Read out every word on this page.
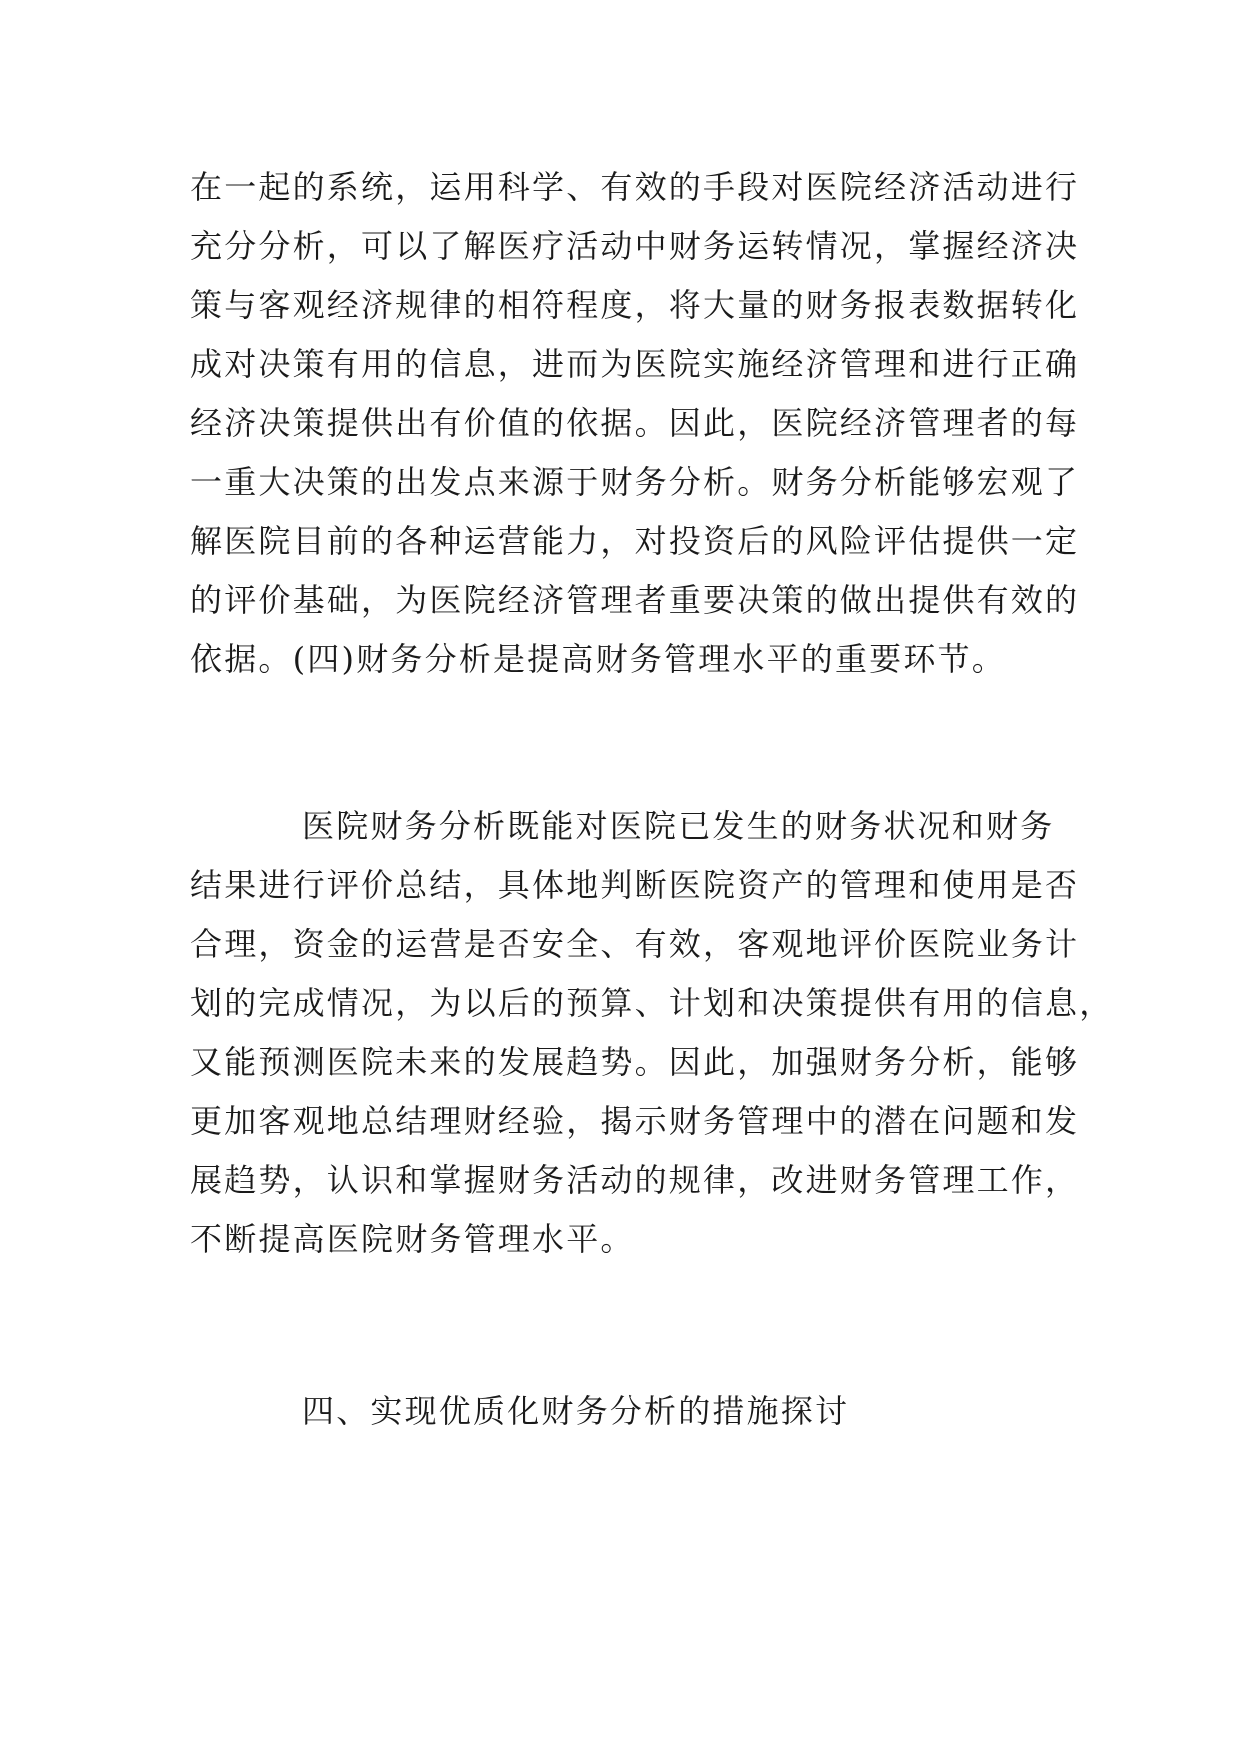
在一起的系统，运用科学、有效的手段对医院经济活动进行
充分分析，可以了解医疗活动中财务运转情况，掌握经济决
策与客观经济规律的相符程度，将大量的财务报表数据转化
成对决策有用的信息，进而为医院实施经济管理和进行正确
经济决策提供出有价值的依据。因此，医院经济管理者的每
一重大决策的出发点来源于财务分析。财务分析能够宏观了
解医院目前的各种运营能力，对投资后的风险评估提供一定
的评价基础，为医院经济管理者重要决策的做出提供有效的
依据。(四)财务分析是提高财务管理水平的重要环节。
医院财务分析既能对医院已发生的财务状况和财务
结果进行评价总结，具体地判断医院资产的管理和使用是否
合理，资金的运营是否安全、有效，客观地评价医院业务计
划的完成情况，为以后的预算、计划和决策提供有用的信息，
又能预测医院未来的发展趋势。因此，加强财务分析，能够
更加客观地总结理财经验，揭示财务管理中的潜在问题和发
展趋势，认识和掌握财务活动的规律，改进财务管理工作，
不断提高医院财务管理水平。
四、实现优质化财务分析的措施探讨
